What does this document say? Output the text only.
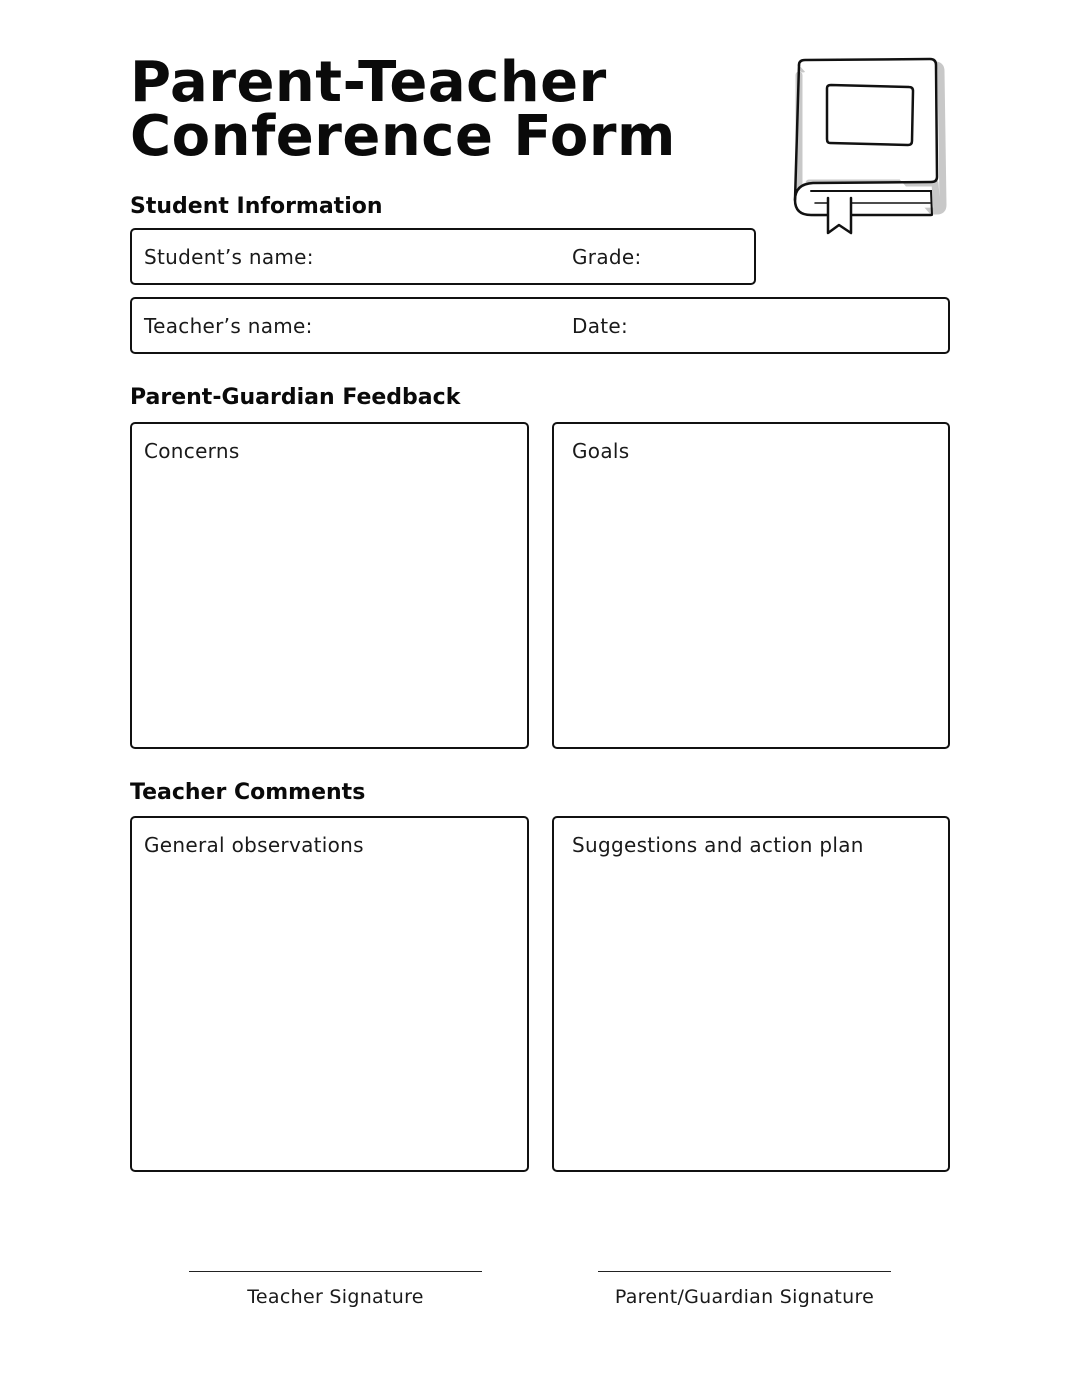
Parent-Teacher
Conference Form
Student Information
Student’s name:	Grade:
Teacher’s name:	Date:
Parent-Guardian Feedback
Concerns	Goals
Teacher Comments
General observations	Suggestions and action plan
Teacher Signature	Parent/Guardian Signature
